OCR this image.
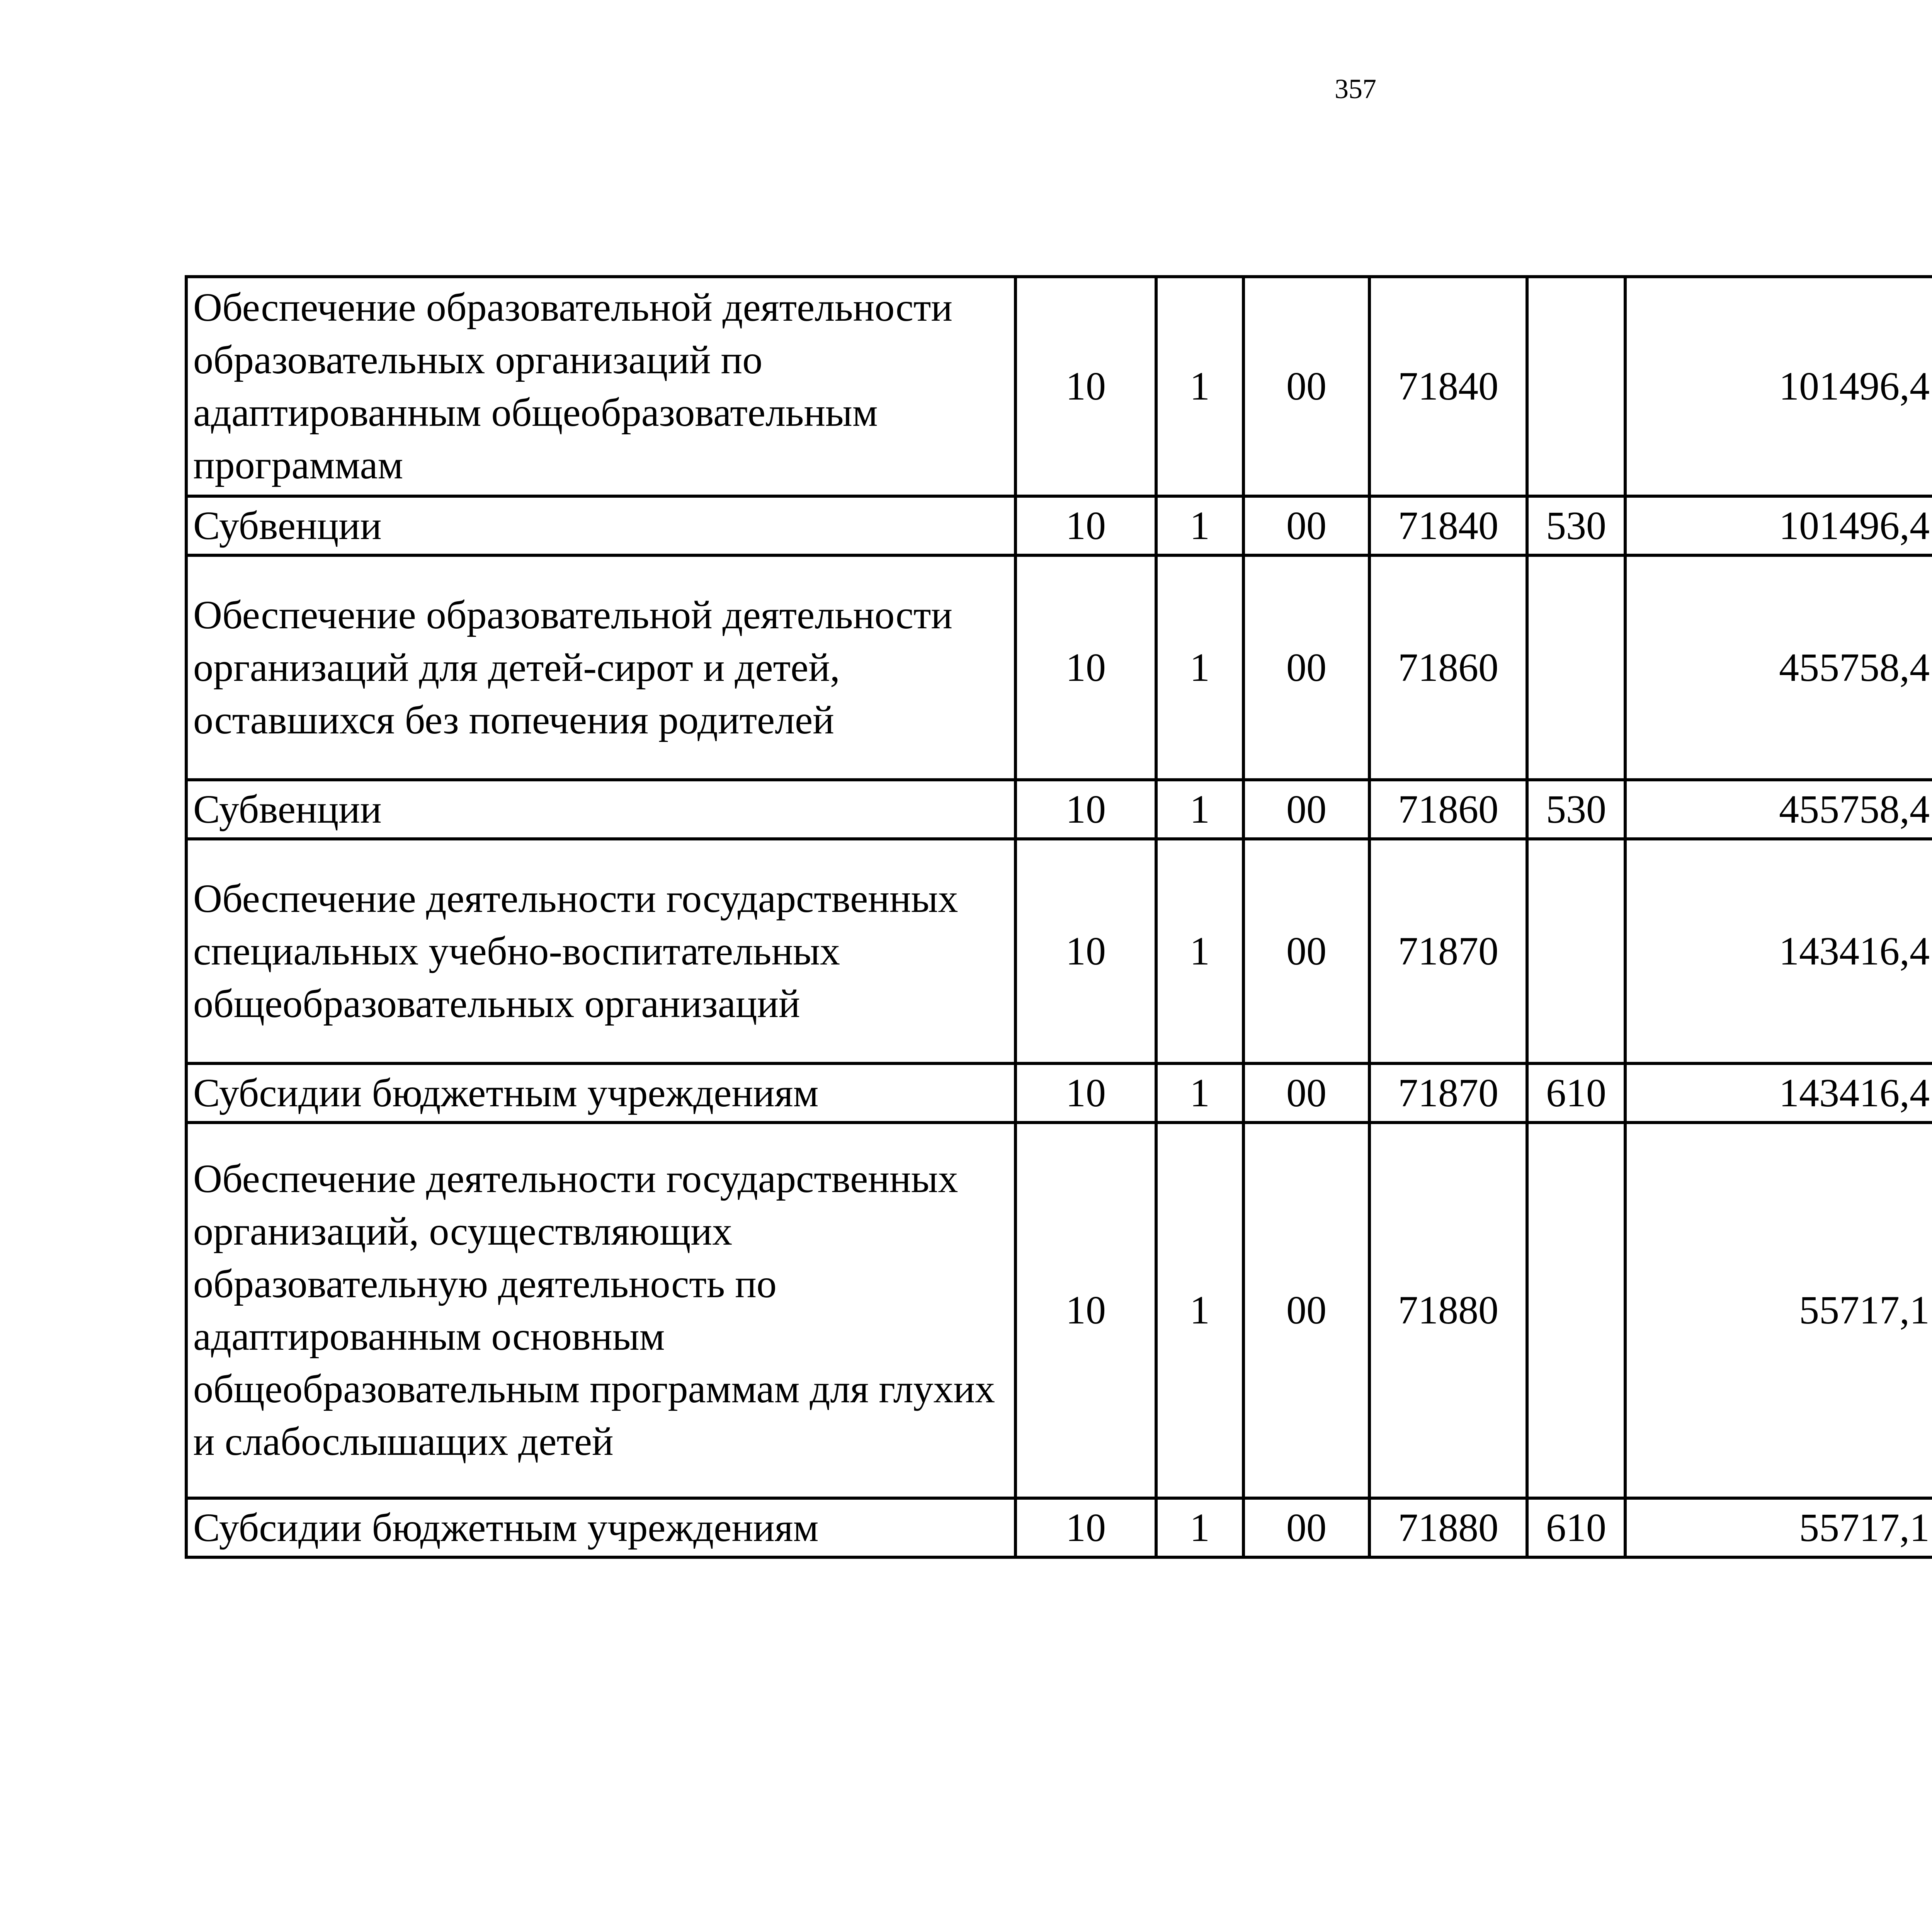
357
Обеспечение образовательной деятельности образовательных организаций по адаптированным общеобразовательным программам	10	1	00	71840		101496,4		
Субвенции	10	1	00	71840	530	101496,4		
Обеспечение образовательной деятельности организаций для детей-сирот и детей, оставшихся без попечения родителей	10	1	00	71860		455758,4		
Субвенции	10	1	00	71860	530	455758,4		
Обеспечение деятельности государственных специальных учебно-воспитательных общеобразовательных организаций	10	1	00	71870		143416,4		
Субсидии бюджетным учреждениям	10	1	00	71870	610	143416,4		
Обеспечение деятельности государственных организаций, осуществляющих образовательную деятельность по адаптированным основным общеобразовательным программам для глухих и слабослышащих детей	10	1	00	71880		55717,1		
Субсидии бюджетным учреждениям	10	1	00	71880	610	55717,1		
